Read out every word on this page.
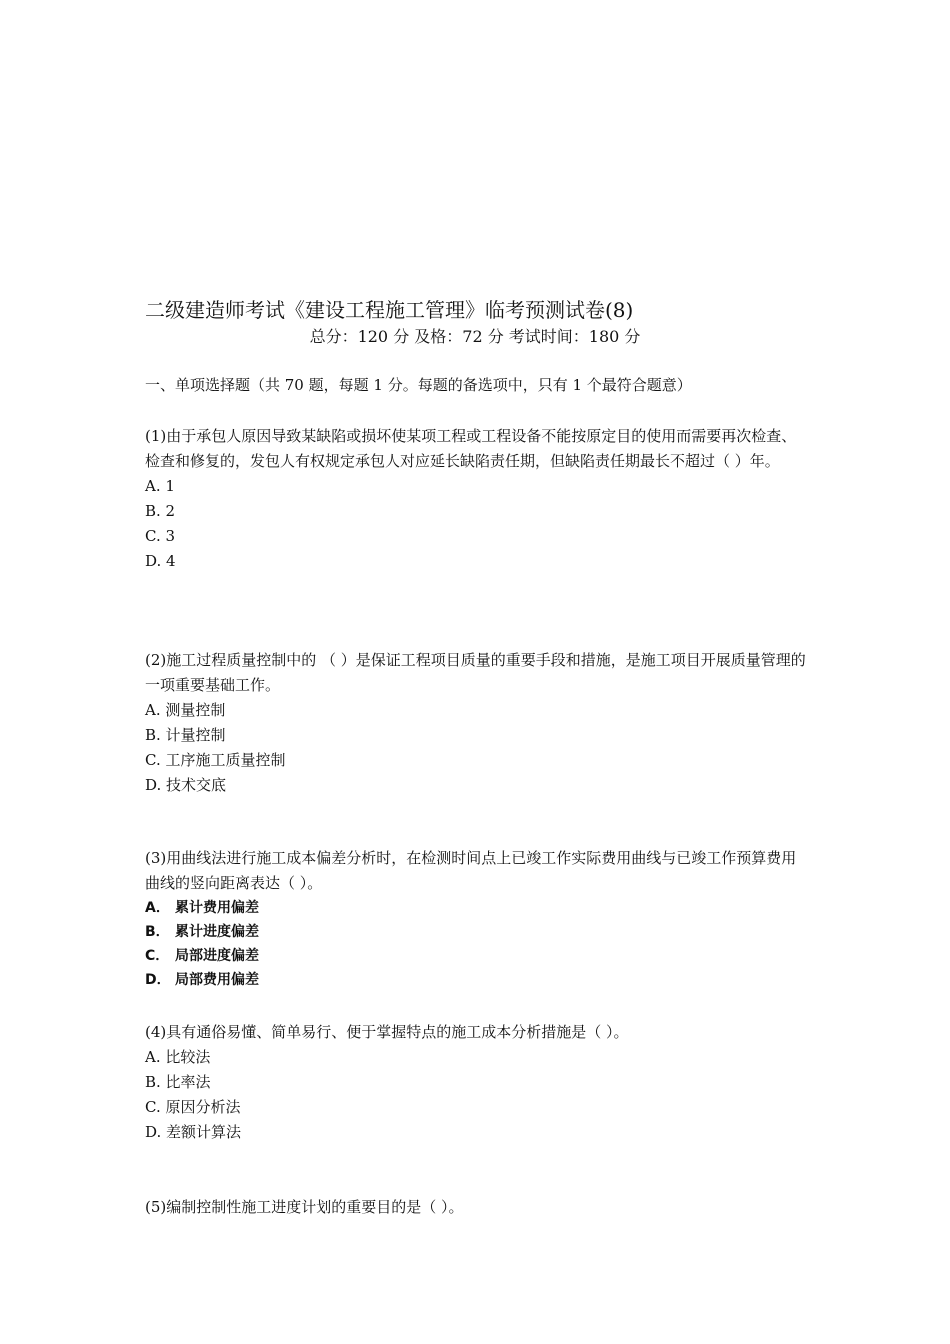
二级建造师考试《建设工程施工管理》临考预测试卷(8)
总分：120 分 及格：72 分 考试时间：180 分
一、单项选择题（共 70 题，每题 1 分。每题的备选项中，只有 1 个最符合题意）

(1)由于承包人原因导致某缺陷或损坏使某项工程或工程设备不能按原定目的使用而需要再次检查、检查和修复的，发包人有权规定承包人对应延长缺陷责任期，但缺陷责任期最长不超过（ ）年。

A. 1
B. 2
C. 3
D. 4

(2)施工过程质量控制中的 （ ）是保证工程项目质量的重要手段和措施，是施工项目开展质量管理的一项重要基础工作。

A. 测量控制
B. 计量控制
C. 工序施工质量控制
D. 技术交底

(3)用曲线法进行施工成本偏差分析时，在检测时间点上已竣工作实际费用曲线与已竣工作预算费用曲线的竖向距离表达（ ）。

A． 累计费用偏差
B． 累计进度偏差
C． 局部进度偏差
D． 局部费用偏差

(4)具有通俗易懂、简单易行、便于掌握特点的施工成本分析措施是（ ）。

A. 比较法
B. 比率法
C. 原因分析法
D. 差额计算法

(5)编制控制性施工进度计划的重要目的是（ ）。
